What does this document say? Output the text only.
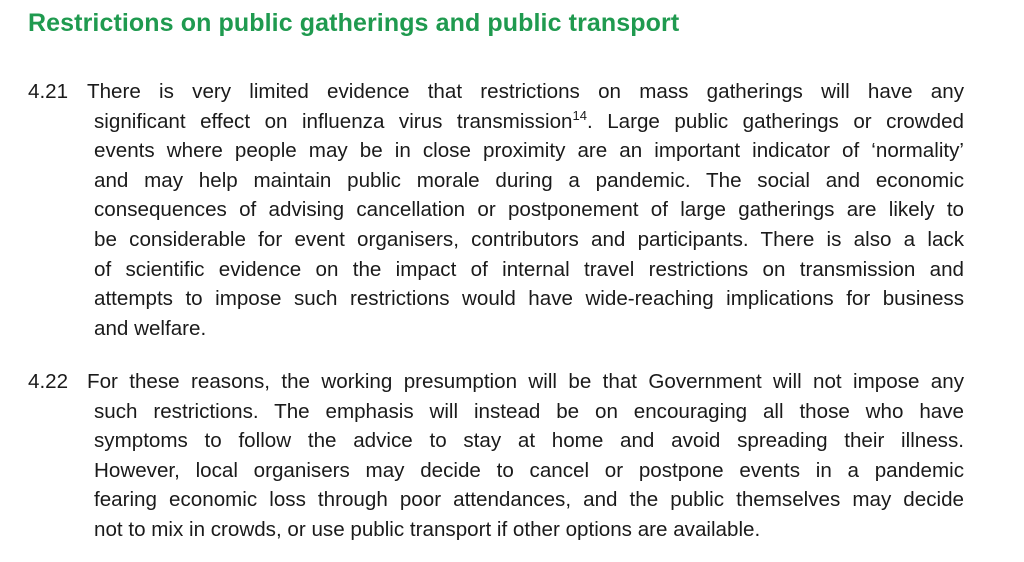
Restrictions on public gatherings and public transport
4.21 There is very limited evidence that restrictions on mass gatherings will have any
significant effect on influenza virus transmission$^{14}$. Large public gatherings or crowded
events where people may be in close proximity are an important indicator of ‘normality’
and may help maintain public morale during a pandemic. The social and economic
consequences of advising cancellation or postponement of large gatherings are likely to
be considerable for event organisers, contributors and participants. There is also a lack
of scientific evidence on the impact of internal travel restrictions on transmission and
attempts to impose such restrictions would have wide-reaching implications for business
and welfare.
4.22 For these reasons, the working presumption will be that Government will not impose any
such restrictions. The emphasis will instead be on encouraging all those who have
symptoms to follow the advice to stay at home and avoid spreading their illness.
However, local organisers may decide to cancel or postpone events in a pandemic
fearing economic loss through poor attendances, and the public themselves may decide
not to mix in crowds, or use public transport if other options are available.
